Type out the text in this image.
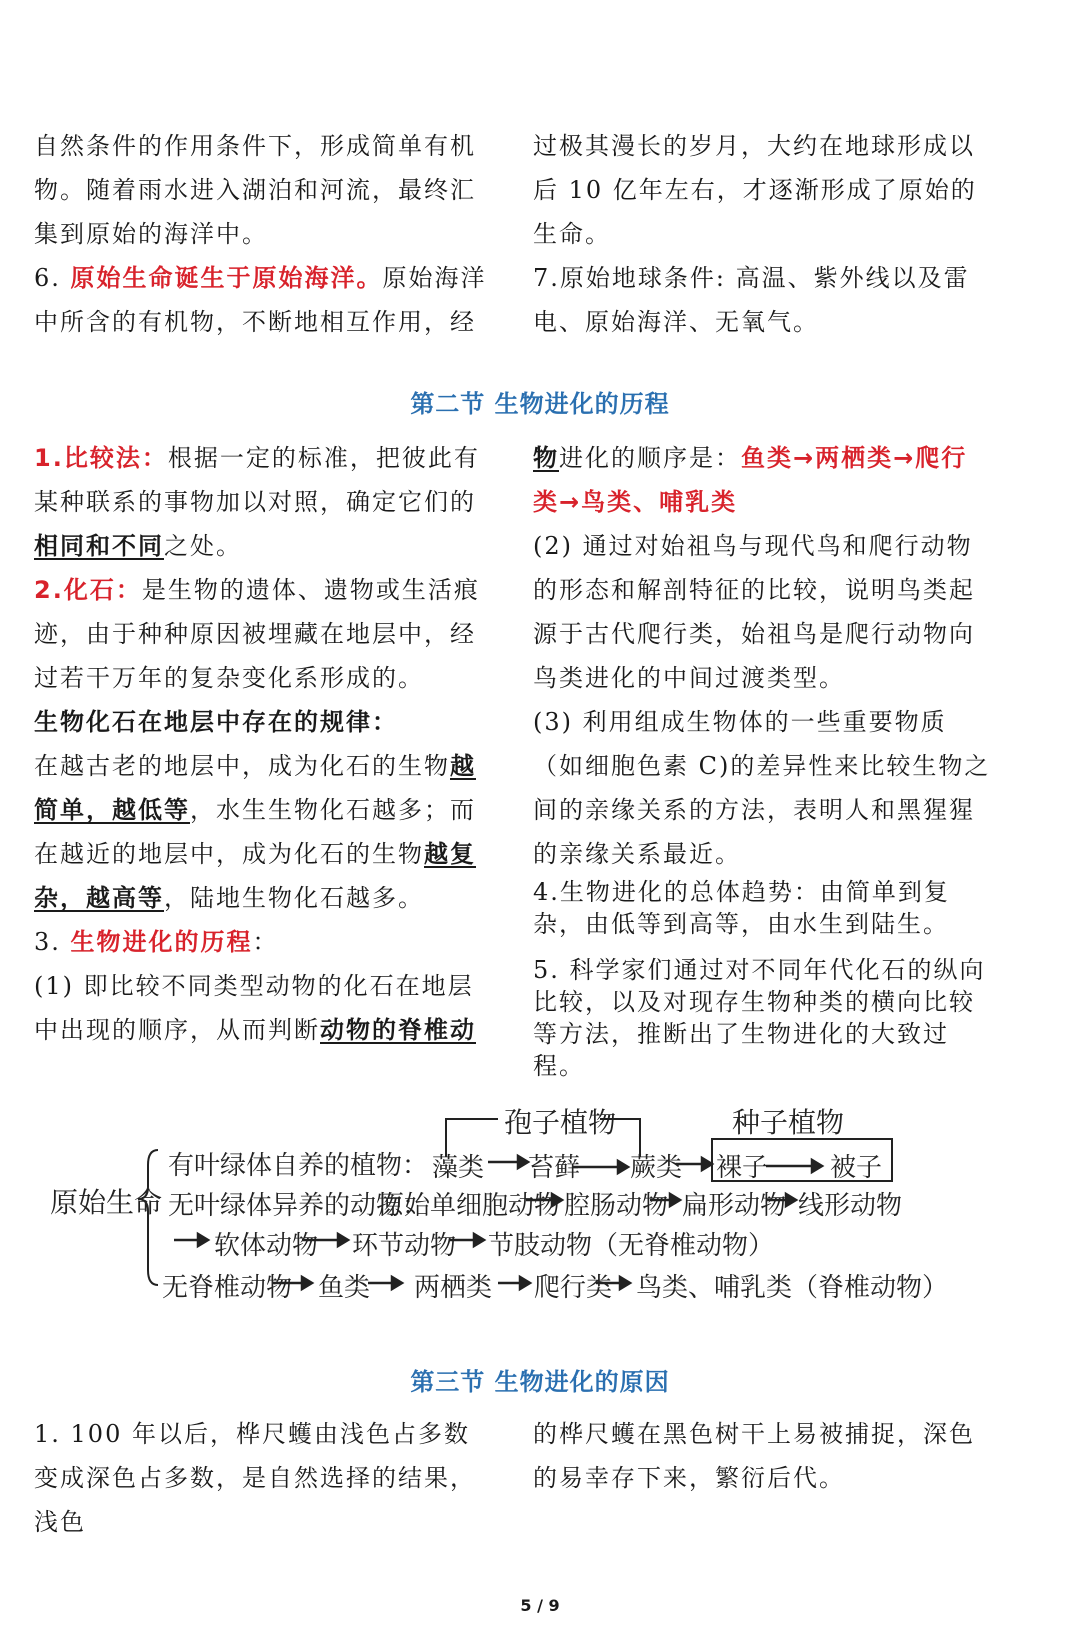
自然条件的作用条件下，形成简单有机物。随着雨水进入湖泊和河流，最终汇集到原始的海洋中。

6. 原始生命诞生于原始海洋。原始海洋中所含的有机物，不断地相互作用，经

过极其漫长的岁月，大约在地球形成以后 10 亿年左右，才逐渐形成了原始的生命。

7.原始地球条件: 高温、紫外线以及雷电、原始海洋、无氧气。

第二节 生物进化的历程

1.比较法：根据一定的标准，把彼此有某种联系的事物加以对照，确定它们的相同和不同之处。

2.化石：是生物的遗体、遗物或生活痕迹，由于种种原因被埋藏在地层中，经过若干万年的复杂变化系形成的。

生物化石在地层中存在的规律：

在越古老的地层中，成为化石的生物越简单，越低等，水生生物化石越多；而在越近的地层中，成为化石的生物越复杂，越高等，陆地生物化石越多。

3. 生物进化的历程：

(1) 即比较不同类型动物的化石在地层中出现的顺序，从而判断动物的脊椎动

物进化的顺序是：鱼类→两栖类→爬行类→鸟类、哺乳类

(2) 通过对始祖鸟与现代鸟和爬行动物的形态和解剖特征的比较，说明鸟类起源于古代爬行类，始祖鸟是爬行动物向鸟类进化的中间过渡类型。

(3) 利用组成生物体的一些重要物质（如细胞色素 C)的差异性来比较生物之间的亲缘关系的方法，表明人和黑猩猩的亲缘关系最近。

4.生物进化的总体趋势：由简单到复杂，由低等到高等，由水生到陆生。

5. 科学家们通过对不同年代化石的纵向比较，以及对现存生物种类的横向比较等方法，推断出了生物进化的大致过程。

原始生命
孢子植物	种子植物
有叶绿体自养的植物： 藻类 苔藓 蕨类 裸子 被子
无叶绿体异养的动物：
原始单细胞动物 腔肠动物 扁形动物 线形动物
软体动物 环节动物 节肢动物（无脊椎动物）
无脊椎动物 鱼类 两栖类 爬行类 鸟类、哺乳类（脊椎动物）
第三节 生物进化的原因

1. 100 年以后，桦尺蠖由浅色占多数变成深色占多数，是自然选择的结果，浅色

的桦尺蠖在黑色树干上易被捕捉，深色的易幸存下来，繁衍后代。

5 / 9
